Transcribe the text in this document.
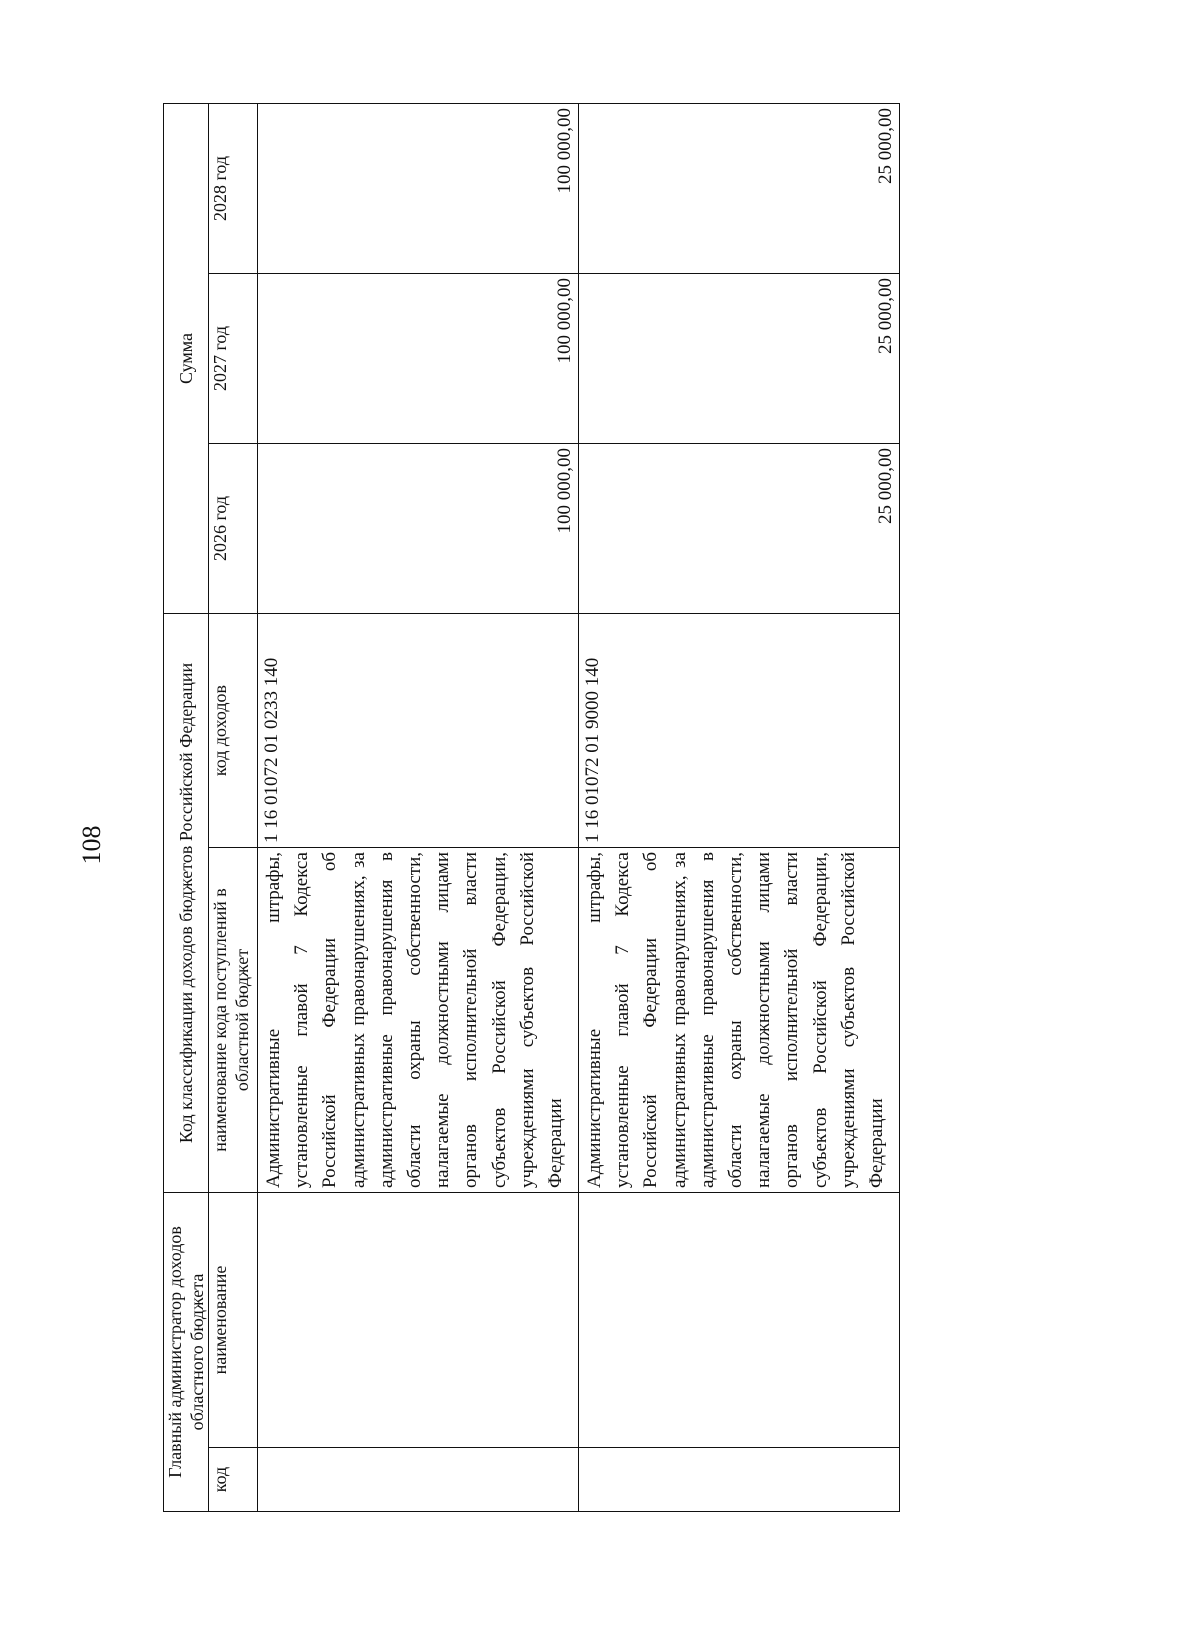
108
Главный администратор доходов областного бюджета		Код классификации доходов бюджетов Российской Федерации		Сумма		
код	наименование	наименование кода поступлений в областной бюджет	код доходов	2026 год	2027 год	2028 год
		Административные штрафы, установленные главой 7 Кодекса Российской Федерации об административных правонарушениях, за административные правонарушения в области охраны собственности, налагаемые должностными лицами органов исполнительной власти субъектов Российской Федерации, учреждениями субъектов Российской Федерации	1 16 01072 01 0233 140	100 000,00	100 000,00	100 000,00
		Административные штрафы, установленные главой 7 Кодекса Российской Федерации об административных правонарушениях, за административные правонарушения в области охраны собственности, налагаемые должностными лицами органов исполнительной власти субъектов Российской Федерации, учреждениями субъектов Российской Федерации	1 16 01072 01 9000 140	25 000,00	25 000,00	25 000,00
